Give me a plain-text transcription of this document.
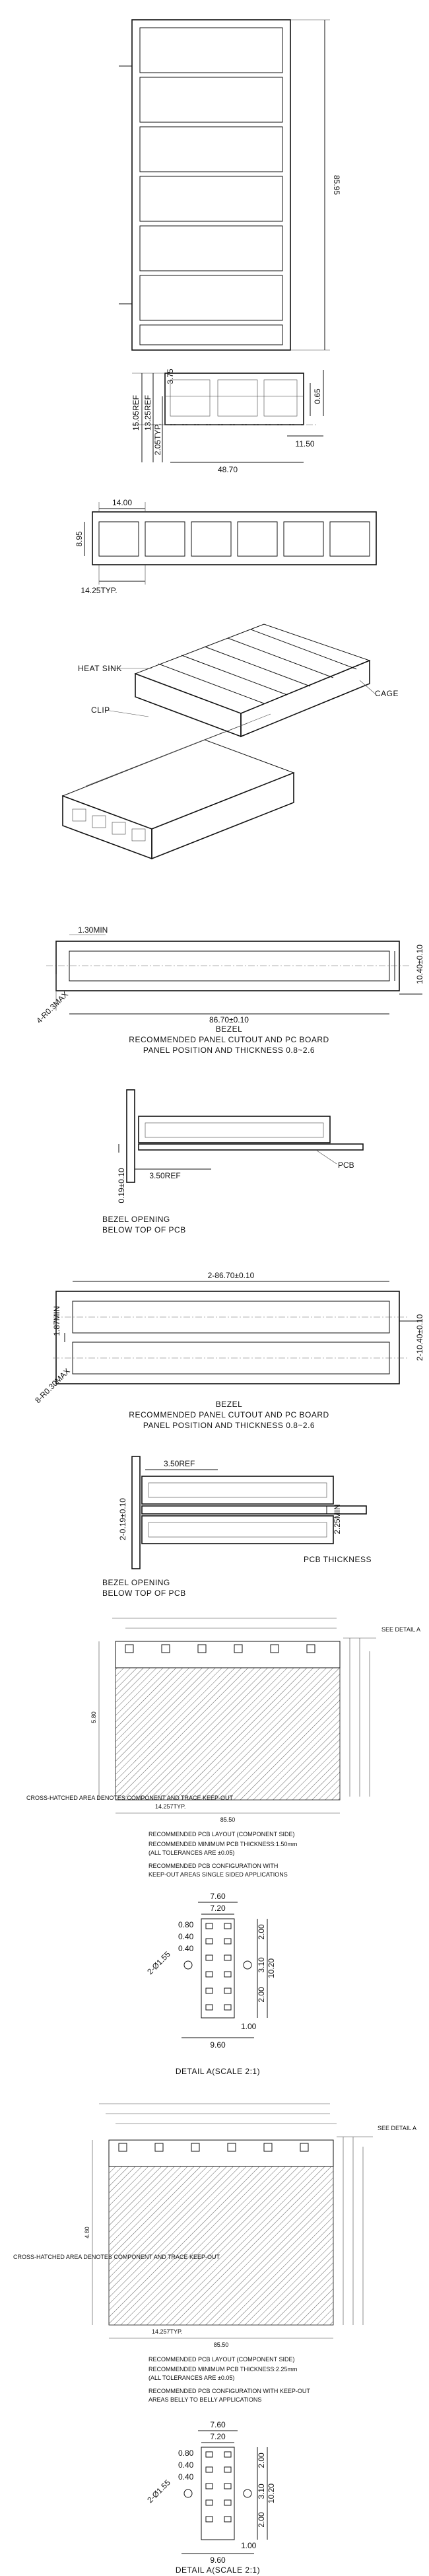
85.95
15.05REF 13.25REF
2.05TYP.
3.75
48.70
0.65
11.50
14.00
8.95
14.25TYP.
HEAT SINK
CLIP
CAGE
1.30MIN
10.40±0.10
86.70±0.10
4-R0.3MAX
BEZEL
RECOMMENDED PANEL CUTOUT AND PC BOARD
PANEL POSITION AND THICKNESS 0.8~2.6
PCB
3.50REF
0.19±0.10
BEZEL OPENING
BELOW TOP OF PCB
2-86.70±0.10
1.87MIN	2-10.40±0.10
8-R0.30MAX	BEZEL
RECOMMENDED PANEL CUTOUT AND PC BOARD
PANEL POSITION AND THICKNESS 0.8~2.6
3.50REF
2.25MIN
2-0.19±0.10
PCB THICKNESS
BEZEL OPENING
BELOW TOP OF PCB
SEE DETAIL A
5.80
85.50
14.257TYP.
CROSS-HATCHED AREA DENOTES COMPONENT AND TRACE KEEP-OUT
RECOMMENDED PCB LAYOUT (COMPONENT SIDE)
RECOMMENDED MINIMUM PCB THICKNESS:1.50mm
(ALL TOLERANCES ARE ±0.05)
RECOMMENDED PCB CONFIGURATION WITH
KEEP-OUT AREAS SINGLE SIDED APPLICATIONS
7.60
7.20
0.80
0.40
0.40
2-Ø1.55
2.00
3.10
2.00
10.20
1.00
9.60
DETAIL A(SCALE 2:1)
SEE DETAIL A
4.80
85.50
14.257TYP.
CROSS-HATCHED AREA DENOTES COMPONENT AND TRACE KEEP-OUT
RECOMMENDED PCB LAYOUT (COMPONENT SIDE)
RECOMMENDED MINIMUM PCB THICKNESS:2.25mm
(ALL TOLERANCES ARE ±0.05)
RECOMMENDED PCB CONFIGURATION WITH KEEP-OUT
AREAS BELLY TO BELLY APPLICATIONS
7.60
7.20
0.80
0.40
0.40
2-Ø1.55
2.00
3.10
2.00
10.20
1.00
9.60
DETAIL A(SCALE 2:1)
